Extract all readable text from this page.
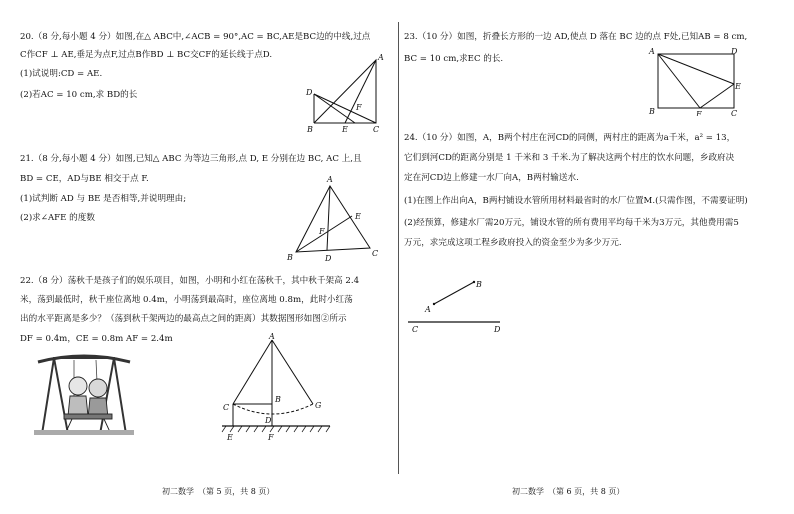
20.（8 分,每小题 4 分）如图,在△ ABC中,∠ACB = 90°,AC = BC,AE是BC边的中线,过点
C作CF ⊥ AE,垂足为点F,过点B作BD ⊥ BC交CF的延长线于点D.
(1)试说明:CD = AE.
(2)若AC = 10 cm,求 BD的长
A
B	C
D
E
F
21.（8 分,每小题 4 分）如图,已知△ ABC 为等边三角形,点 D, E 分别在边 BC, AC 上,且
BD = CE，AD与BE 相交于点 F.
(1)试判断 AD 与 BE 是否相等,并说明理由;
(2)求∠AFE 的度数
A
B	C
D
E
F
22.（8 分）荡秋千是孩子们的娱乐项目，如图，小明和小红在荡秋千，其中秋千架高 2.4
米，荡到最低时，秋千座位离地 0.4m，小明荡到最高时，座位离地 0.8m，此时小红荡
出的水平距离是多少？（荡到秋千架两边的最高点之间的距离）其数据图形如图②所示
DF = 0.4m，CE = 0.8m AF = 2.4m	A
B
C
D
E	F
G
初二数学　（第 5 页，共 8 页）
23.（10 分）如图，折叠长方形的一边 AD,使点 D 落在 BC 边的点 F处,已知AB = 8 cm,
BC = 10 cm,求EC 的长.
A
B	C
D
E
F
24.（10 分）如图，A，B两个村庄在河CD的同侧，两村庄的距离为a千米，a² = 13，
它们到河CD的距离分别是 1 千米和 3 千米.为了解决这两个村庄的饮水问题，乡政府决
定在河CD边上修建一水厂向A，B两村输送水.
(1)在图上作出向A，B两村铺设水管所用材料最省时的水厂位置M.(只需作图，不需要证明)
(2)经预算，修建水厂需20万元，铺设水管的所有费用平均每千米为3万元，其他费用需5
万元，求完成这项工程乡政府投入的资金至少为多少万元.
A
B
C	D
初二数学　（第 6 页，共 8 页）
